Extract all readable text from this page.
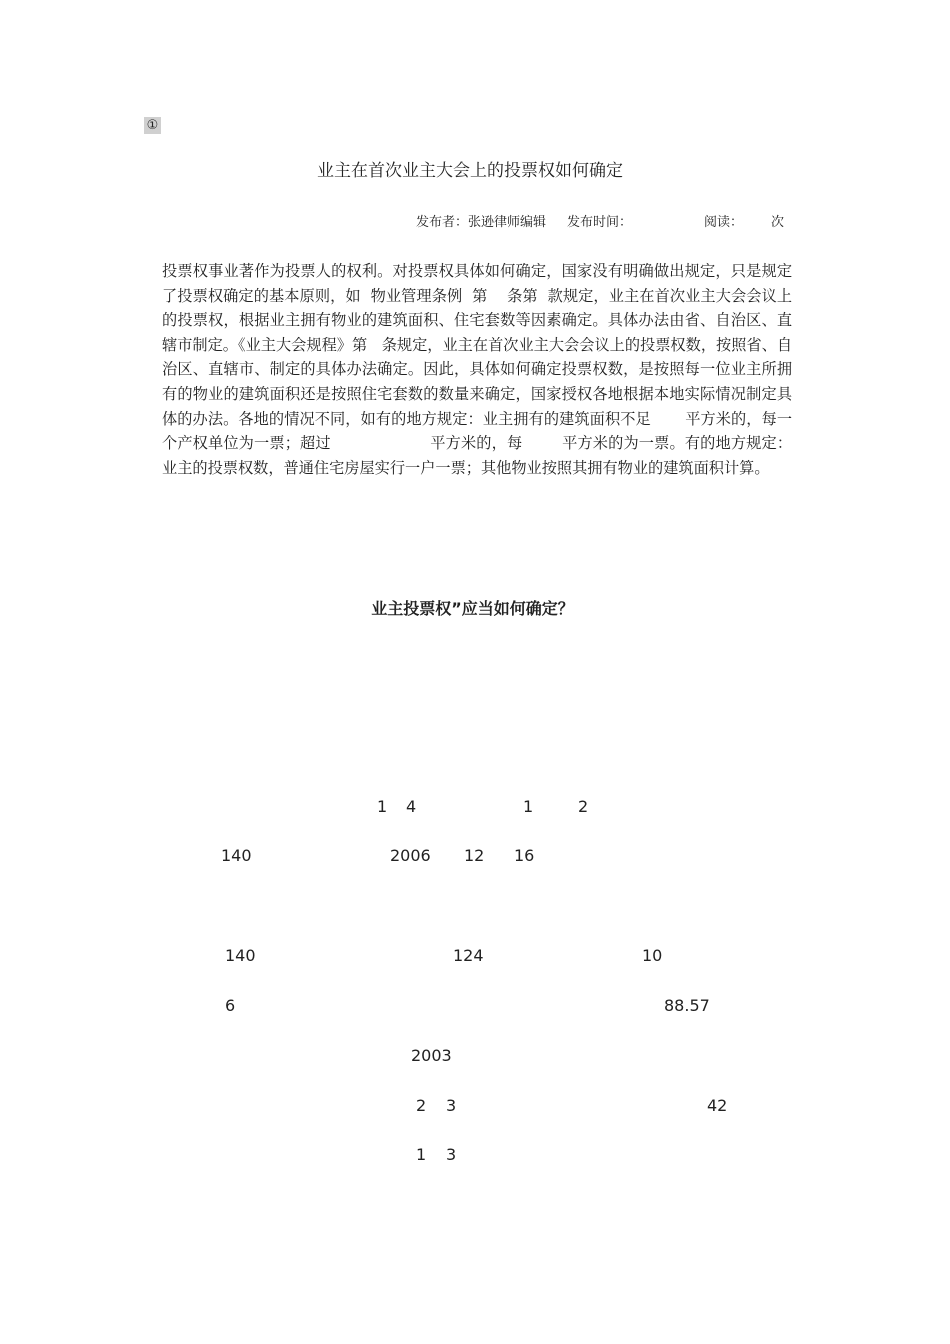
①
业主在首次业主大会上的投票权如何确定
发布者：张逊律师编辑 发布时间：	阅读： 次

投票权事业著作为投票人的权利。对投票权具体如何确定，国家没有明确做出规定，只是规定了投票权确定的基本原则，如  物业管理条例  第 条第 款规定，业主在首次业主大会会议上的投票权，根据业主拥有物业的建筑面积、住宅套数等因素确定。具体办法由省、自治区、直辖市制定。《业主大会规程》第 条规定，业主在首次业主大会会议上的投票权数，按照省、自治区、直辖市、制定的具体办法确定。因此，具体如何确定投票权数，是按照每一位业主所拥有的物业的建筑面积还是按照住宅套数的数量来确定，国家授权各地根据本地实际情况制定具体的办法。各地的情况不同，如有的地方规定：业主拥有的建筑面积不足 平方米的，每一个产权单位为一票；超过	平方米的，每	平方米的为一票。有的地方规定：业主的投票权数，普通住宅房屋实行一户一票；其他物业按照其拥有物业的建筑面积计算。

业主投票权”应当如何确定？
1 4	1	2
140	2006 12 16
140	124	10
6	88.57
2003
2 3	42
1 3
